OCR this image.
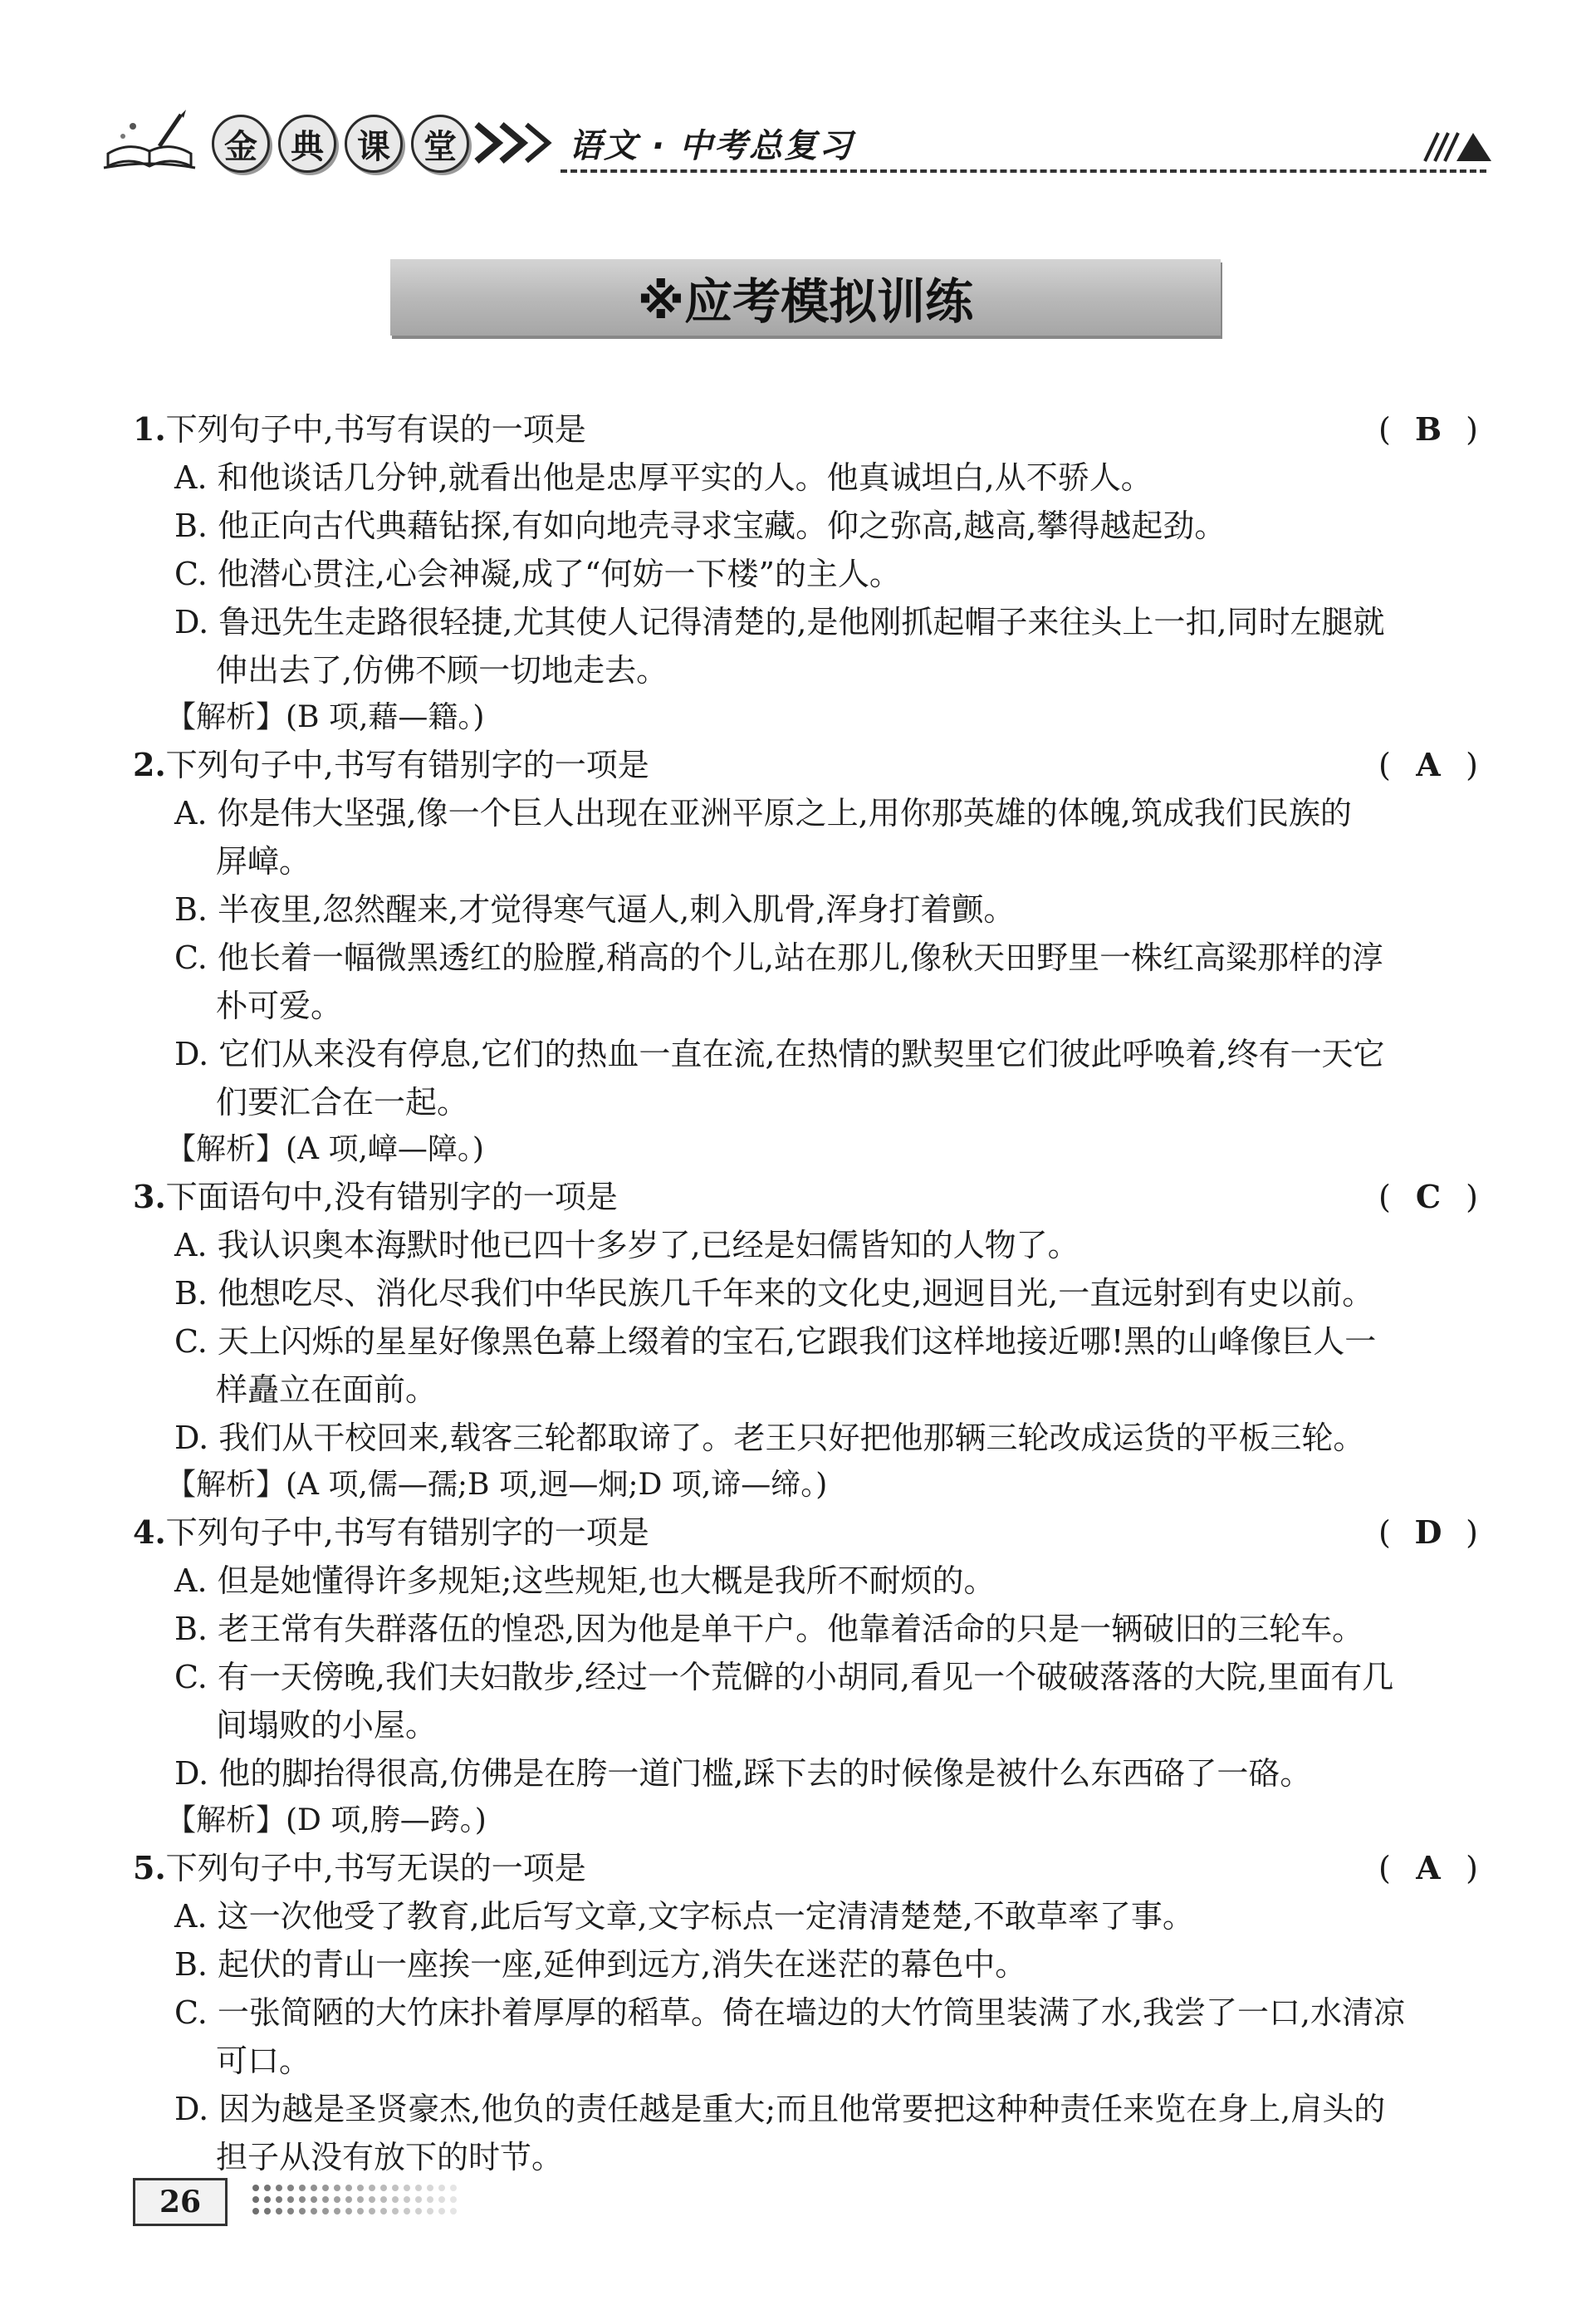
金	典	课	堂	语文 · 中考总复习
※应考模拟训练
1.下列句子中,书写有误的一项是	( B )
A. 和他谈话几分钟,就看出他是忠厚平实的人。他真诚坦白,从不骄人。
B. 他正向古代典藉钻探,有如向地壳寻求宝藏。仰之弥高,越高,攀得越起劲。
C. 他潜心贯注,心会神凝,成了“何妨一下楼”的主人。
D. 鲁迅先生走路很轻捷,尤其使人记得清楚的,是他刚抓起帽子来往头上一扣,同时左腿就
伸出去了,仿佛不顾一切地走去。
【解析】(B 项,藉—籍。)
2.下列句子中,书写有错别字的一项是	( A )
A. 你是伟大坚强,像一个巨人出现在亚洲平原之上,用你那英雄的体魄,筑成我们民族的
屏嶂。
B. 半夜里,忽然醒来,才觉得寒气逼人,刺入肌骨,浑身打着颤。
C. 他长着一幅微黑透红的脸膛,稍高的个儿,站在那儿,像秋天田野里一株红高粱那样的淳
朴可爱。
D. 它们从来没有停息,它们的热血一直在流,在热情的默契里它们彼此呼唤着,终有一天它
们要汇合在一起。
【解析】(A 项,嶂—障。)
3.下面语句中,没有错别字的一项是	( C )
A. 我认识奥本海默时他已四十多岁了,已经是妇儒皆知的人物了。
B. 他想吃尽、消化尽我们中华民族几千年来的文化史,迥迥目光,一直远射到有史以前。
C. 天上闪烁的星星好像黑色幕上缀着的宝石,它跟我们这样地接近哪!黑的山峰像巨人一
样矗立在面前。
D. 我们从干校回来,载客三轮都取谛了。老王只好把他那辆三轮改成运货的平板三轮。
【解析】(A 项,儒—孺;B 项,迥—炯;D 项,谛—缔。)
4.下列句子中,书写有错别字的一项是	( D )
A. 但是她懂得许多规矩;这些规矩,也大概是我所不耐烦的。
B. 老王常有失群落伍的惶恐,因为他是单干户。他靠着活命的只是一辆破旧的三轮车。
C. 有一天傍晚,我们夫妇散步,经过一个荒僻的小胡同,看见一个破破落落的大院,里面有几
间塌败的小屋。
D. 他的脚抬得很高,仿佛是在胯一道门槛,踩下去的时候像是被什么东西硌了一硌。
【解析】(D 项,胯—跨。)
5.下列句子中,书写无误的一项是	( A )
A. 这一次他受了教育,此后写文章,文字标点一定清清楚楚,不敢草率了事。
B. 起伏的青山一座挨一座,延伸到远方,消失在迷茫的幕色中。
C. 一张简陋的大竹床扑着厚厚的稻草。倚在墙边的大竹筒里装满了水,我尝了一口,水清凉
可口。
D. 因为越是圣贤豪杰,他负的责任越是重大;而且他常要把这种种责任来览在身上,肩头的
担子从没有放下的时节。
26
